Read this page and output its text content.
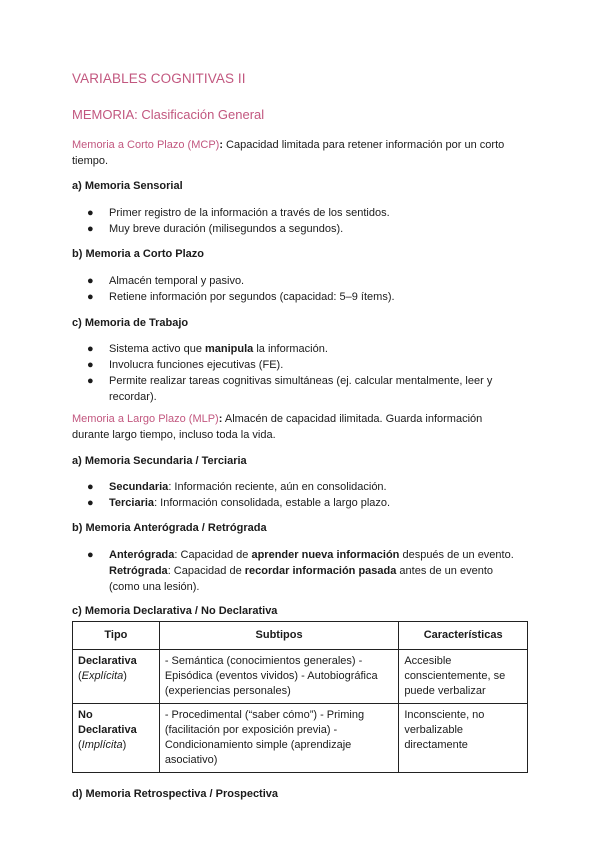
VARIABLES COGNITIVAS II
MEMORIA: Clasificación General
Memoria a Corto Plazo (MCP): Capacidad limitada para retener información por un corto
tiempo.
a) Memoria Sensorial
● Primer registro de la información a través de los sentidos.
● Muy breve duración (milisegundos a segundos).
b) Memoria a Corto Plazo
● Almacén temporal y pasivo.
● Retiene información por segundos (capacidad: 5–9 ítems).
c) Memoria de Trabajo
● Sistema activo que manipula la información.
● Involucra funciones ejecutivas (FE).
● Permite realizar tareas cognitivas simultáneas (ej. calcular mentalmente, leer y
recordar).
Memoria a Largo Plazo (MLP): Almacén de capacidad ilimitada. Guarda información
durante largo tiempo, incluso toda la vida.
a) Memoria Secundaria / Terciaria
● Secundaria: Información reciente, aún en consolidación.
● Terciaria: Información consolidada, estable a largo plazo.
b) Memoria Anterógrada / Retrógrada
● Anterógrada: Capacidad de aprender nueva información después de un evento.
Retrógrada: Capacidad de recordar información pasada antes de un evento
(como una lesión).
c) Memoria Declarativa / No Declarativa
Tipo	Subtipos	Características
Declarativa
(Explícita)	- Semántica (conocimientos generales) - Episódica (eventos vividos) - Autobiográfica (experiencias personales)	Accesible conscientemente, se puede verbalizar
No Declarativa
(Implícita)	- Procedimental (“saber cómo”) - Priming (facilitación por exposición previa) - Condicionamiento simple (aprendizaje asociativo)	Inconsciente, no verbalizable directamente
d) Memoria Retrospectiva / Prospectiva
